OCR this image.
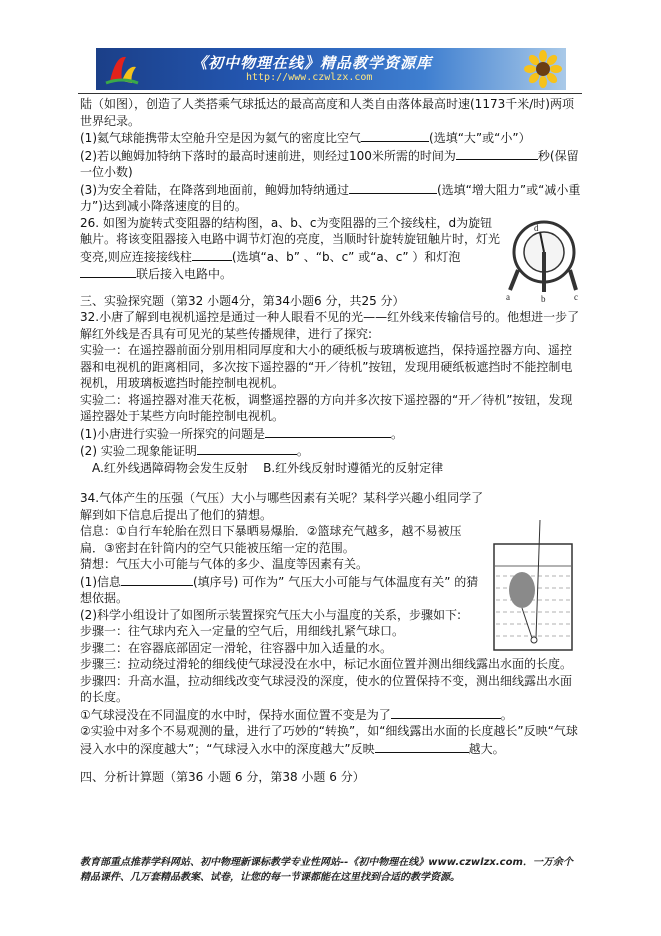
《初中物理在线》精品教学资源库
http://www.czwlzx.com

陆（如图），创造了人类搭乘气球抵达的最高高度和人类自由落体最高时速(1173千米/时)两项世界纪录。

(1)氦气球能携带太空舱升空是因为氦气的密度比空气	(选填“大”或“小”）

(2)若以鲍姆加特纳下落时的最高时速前进，则经过100米所需的时间为	秒(保留一位小数)

(3)为安全着陆，在降落到地面前，鲍姆加特纳通过	(选填“增大阻力”或“减小重力”)达到减小降落速度的目的。

26. 如图为旋转式变阻器的结构图，a、b、c为变阻器的三个接线柱，d为旋钮触片。将该变阻器接入电路中调节灯泡的亮度，当顺时针旋转旋钮触片时，灯光变亮,则应连接接线柱	(选填“a、b” 、“b、c” 或“a、c” ）和灯泡联后接入电路中。

三、实验探究题（第32 小题4分，第34小题6 分，共25 分）

32.小唐了解到电视机遥控是通过一种人眼看不见的光——红外线来传输信号的。他想进一步了解红外线是否具有可见光的某些传播规律，进行了探究:

实验一：在遥控器前面分别用相同厚度和大小的硬纸板与玻璃板遮挡，保持遥控器方向、遥控器和电视机的距离相同，多次按下遥控器的“开／待机”按钮，发现用硬纸板遮挡时不能控制电视机，用玻璃板遮挡时能控制电视机。

实验二：将遥控器对准天花板，调整遥控器的方向并多次按下遥控器的“开／待机”按钮，发现遥控器处于某些方向时能控制电视机。

(1)小唐进行实验一所探究的问题是	。

(2) 实验二现象能证明	。

A.红外线遇障碍物会发生反射 B.红外线反射时遵循光的反射定律

34.气体产生的压强（气压）大小与哪些因素有关呢？某科学兴趣小组同学了解到如下信息后提出了他们的猜想。

信息：①自行车轮胎在烈日下暴晒易爆胎．②篮球充气越多，越不易被压扁．③密封在针筒内的空气只能被压缩一定的范围。

猜想：气压大小可能与气体的多少、温度等因素有关。

(1)信息	(填序号) 可作为” 气压大小可能与气体温度有关” 的猜想依据。

(2)科学小组设计了如图所示装置探究气压大小与温度的关系，步骤如下:

步骤一：往气球内充入一定量的空气后，用细线扎紧气球口。

步骤二：在容器底部固定一滑轮，往容器中加入适量的水。

步骤三：拉动绕过滑轮的细线使气球浸没在水中，标记水面位置并测出细线露出水面的长度。

步骤四：升高水温，拉动细线改变气球浸没的深度，使水的位置保持不变，测出细线露出水面的长度。

①气球浸没在不同温度的水中时，保持水面位置不变是为了	。

②实验中对多个不易观测的量，进行了巧妙的“转换”，如“细线露出水面的长度越长”反映“气球浸入水中的深度越大”；“气球浸入水中的深度越大”反映	越大。

四、分析计算题（第36 小题 6 分，第38 小题 6 分）

d
a	b	c
教育部重点推荐学科网站、初中物理新课标教学专业性网站--《初中物理在线》www.czwlzx.com．一万余个精品课件、几万套精品教案、试卷，让您的每一节课都能在这里找到合适的教学资源。
